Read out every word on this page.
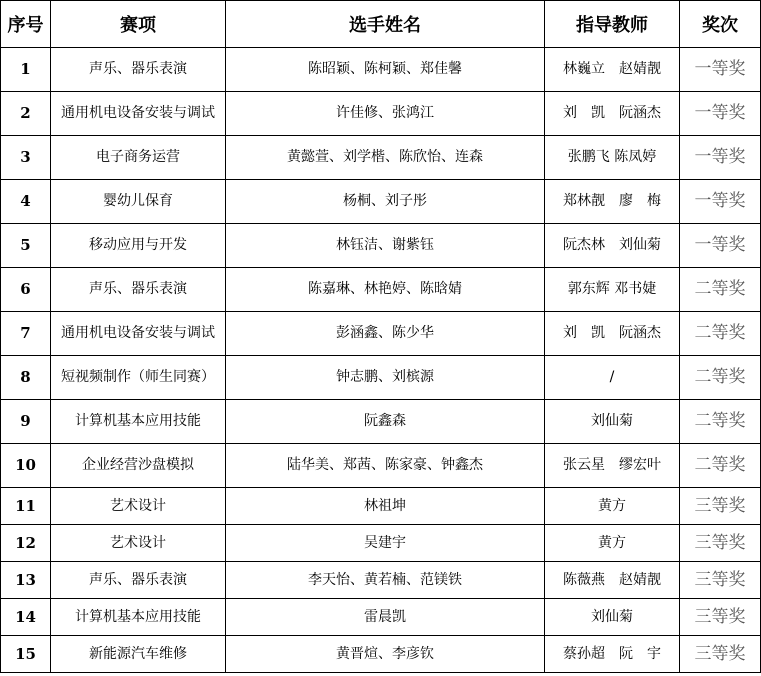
序号	赛项	选手姓名	指导教师	奖次
1	声乐、器乐表演	陈昭颖、陈柯颖、郑佳馨	林巍立　赵婧靓	一等奖
2	通用机电设备安装与调试	许佳修、张鸿江	刘　凯　阮涵杰	一等奖
3	电子商务运营	黄懿萱、刘学楷、陈欣怡、连森	张鹏飞 陈凤婷	一等奖
4	婴幼儿保育	杨桐、刘子彤	郑林靓　廖　梅	一等奖
5	移动应用与开发	林钰洁、谢紫钰	阮杰林　刘仙菊	一等奖
6	声乐、器乐表演	陈嘉琳、林艳婷、陈晗婧	郭东辉 邓书婕	二等奖
7	通用机电设备安装与调试	彭涵鑫、陈少华	刘　凯　阮涵杰	二等奖
8	短视频制作（师生同赛）	钟志鹏、刘槟源	/	二等奖
9	计算机基本应用技能	阮鑫森	刘仙菊	二等奖
10	企业经营沙盘模拟	陆华美、郑茜、陈家豪、钟鑫杰	张云星　缪宏叶	二等奖
11	艺术设计	林祖坤	黄方	三等奖
12	艺术设计	吴建宇	黄方	三等奖
13	声乐、器乐表演	李天怡、黄若楠、范镁铁	陈薇燕　赵婧靓	三等奖
14	计算机基本应用技能	雷晨凯	刘仙菊	三等奖
15	新能源汽车维修	黄晋煊、李彦钦	蔡孙超　阮　宇	三等奖
